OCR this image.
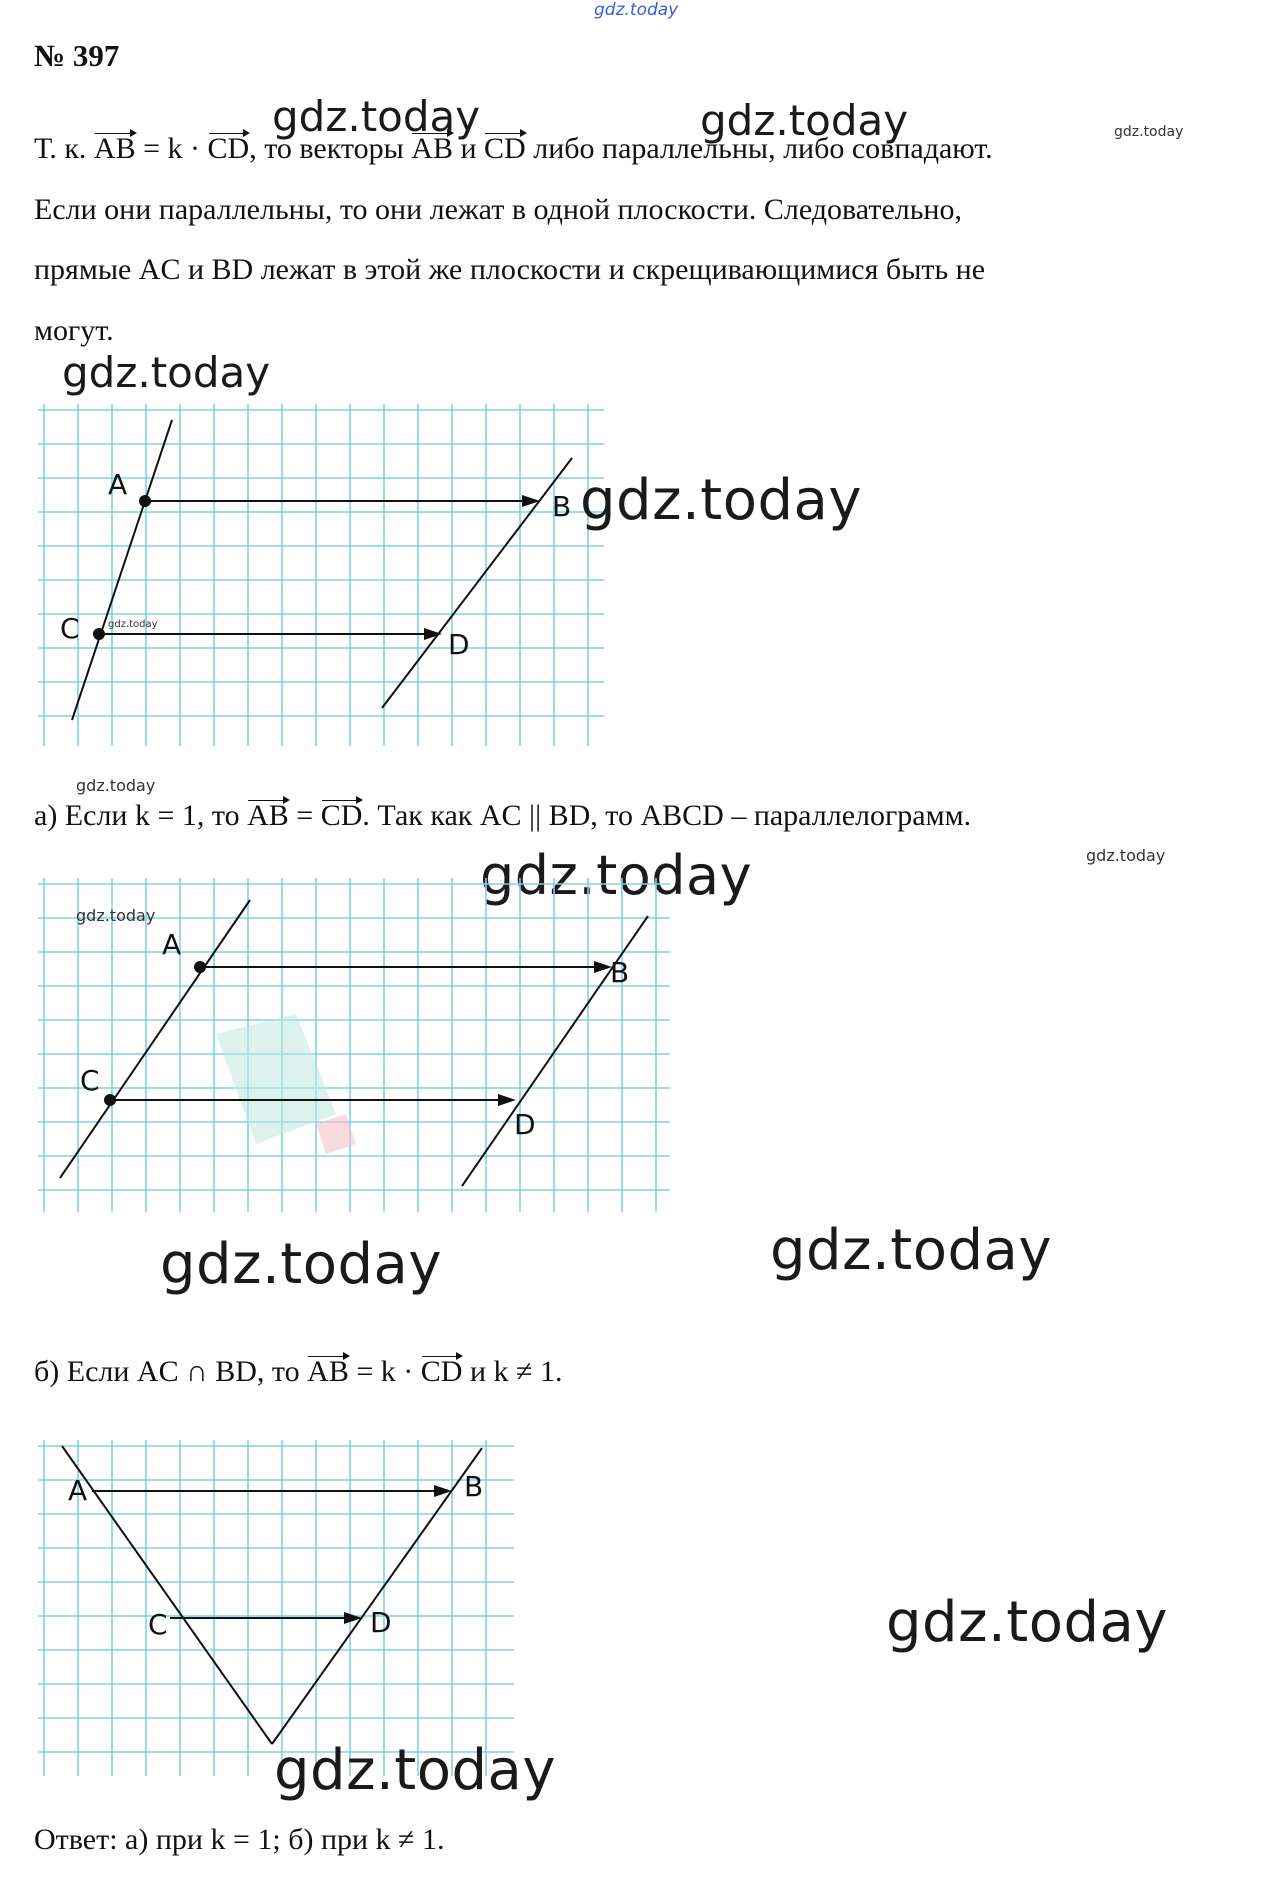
gdz.today
№ 397
Т. к. AB = k · CD, то векторы AB и CD либо параллельны, либо совпадают.
Если они параллельны, то они лежат в одной плоскости. Следовательно,
прямые AC и BD лежат в этой же плоскости и скрещивающимися быть не
могут.
gdz.today	gdz.today	gdz.today
gdz.today
A
B
C	D
gdz.today
gdz.today
gdz.today
а) Если k = 1, то AB = CD. Так как AC || BD, то ABCD – параллелограмм.
gdz.today	gdz.today
A
B
C
D
gdz.today
gdz.today	gdz.today
б) Если AC ∩ BD, то AB = k · CD и k ≠ 1.
A	B
C	D	gdz.today
gdz.today
Ответ: а) при k = 1; б) при k ≠ 1.
